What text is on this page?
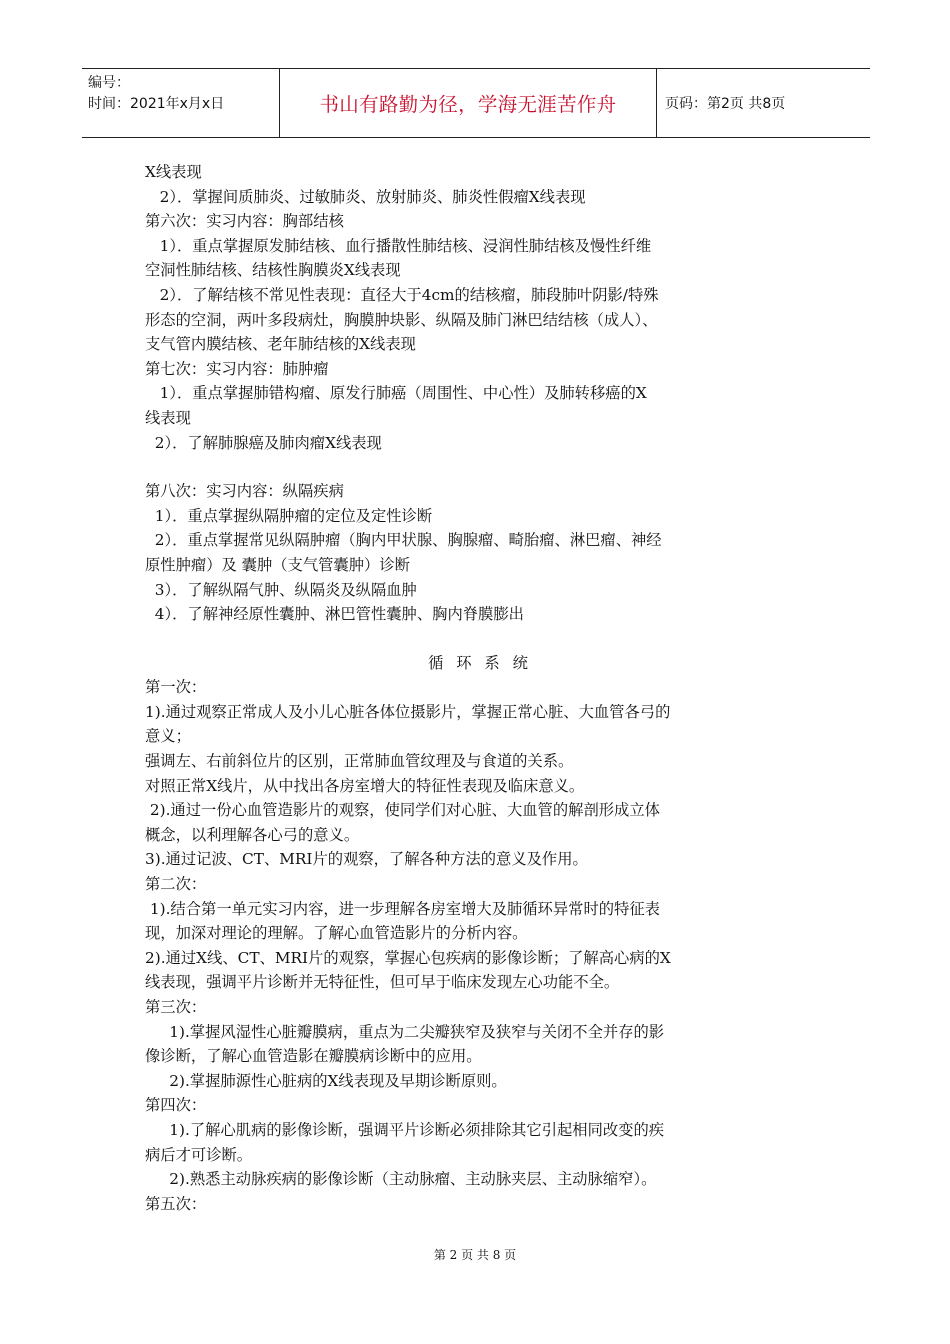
编号：
时间：2021年x月x日	书山有路勤为径，学海无涯苦作舟	页码：第2页 共8页
X线表现
2）．掌握间质肺炎、过敏肺炎、放射肺炎、肺炎性假瘤X线表现
第六次：实习内容：胸部结核
1）．重点掌握原发肺结核、血行播散性肺结核、浸润性肺结核及慢性纤维
空洞性肺结核、结核性胸膜炎X线表现
2）．了解结核不常见性表现：直径大于4cm的结核瘤，肺段肺叶阴影/特殊
形态的空洞，两叶多段病灶，胸膜肿块影、纵隔及肺门淋巴结结核（成人）、
支气管内膜结核、老年肺结核的X线表现
第七次：实习内容：肺肿瘤
1）．重点掌握肺错构瘤、原发行肺癌（周围性、中心性）及肺转移癌的X
线表现
2）．了解肺腺癌及肺肉瘤X线表现
第八次：实习内容：纵隔疾病
1）．重点掌握纵隔肿瘤的定位及定性诊断
2）．重点掌握常见纵隔肿瘤（胸内甲状腺、胸腺瘤、畸胎瘤、淋巴瘤、神经
原性肿瘤）及 囊肿（支气管囊肿）诊断
3）．了解纵隔气肿、纵隔炎及纵隔血肿
4）．了解神经原性囊肿、淋巴管性囊肿、胸内脊膜膨出
循 环 系 统
第一次：
1).通过观察正常成人及小儿心脏各体位摄影片，掌握正常心脏、大血管各弓的
意义；
强调左、右前斜位片的区别，正常肺血管纹理及与食道的关系。
对照正常X线片，从中找出各房室增大的特征性表现及临床意义。
2).通过一份心血管造影片的观察，使同学们对心脏、大血管的解剖形成立体
概念，以利理解各心弓的意义。
3).通过记波、CT、MRI片的观察，了解各种方法的意义及作用。
第二次：
1).结合第一单元实习内容，进一步理解各房室增大及肺循环异常时的特征表
现，加深对理论的理解。了解心血管造影片的分析内容。
2).通过X线、CT、MRI片的观察，掌握心包疾病的影像诊断；了解高心病的X
线表现，强调平片诊断并无特征性，但可早于临床发现左心功能不全。
第三次：
1).掌握风湿性心脏瓣膜病，重点为二尖瓣狭窄及狭窄与关闭不全并存的影
像诊断，了解心血管造影在瓣膜病诊断中的应用。
2).掌握肺源性心脏病的X线表现及早期诊断原则。
第四次：
1).了解心肌病的影像诊断，强调平片诊断必须排除其它引起相同改变的疾
病后才可诊断。
2).熟悉主动脉疾病的影像诊断（主动脉瘤、主动脉夹层、主动脉缩窄）。
第五次：
第 2 页 共 8 页
